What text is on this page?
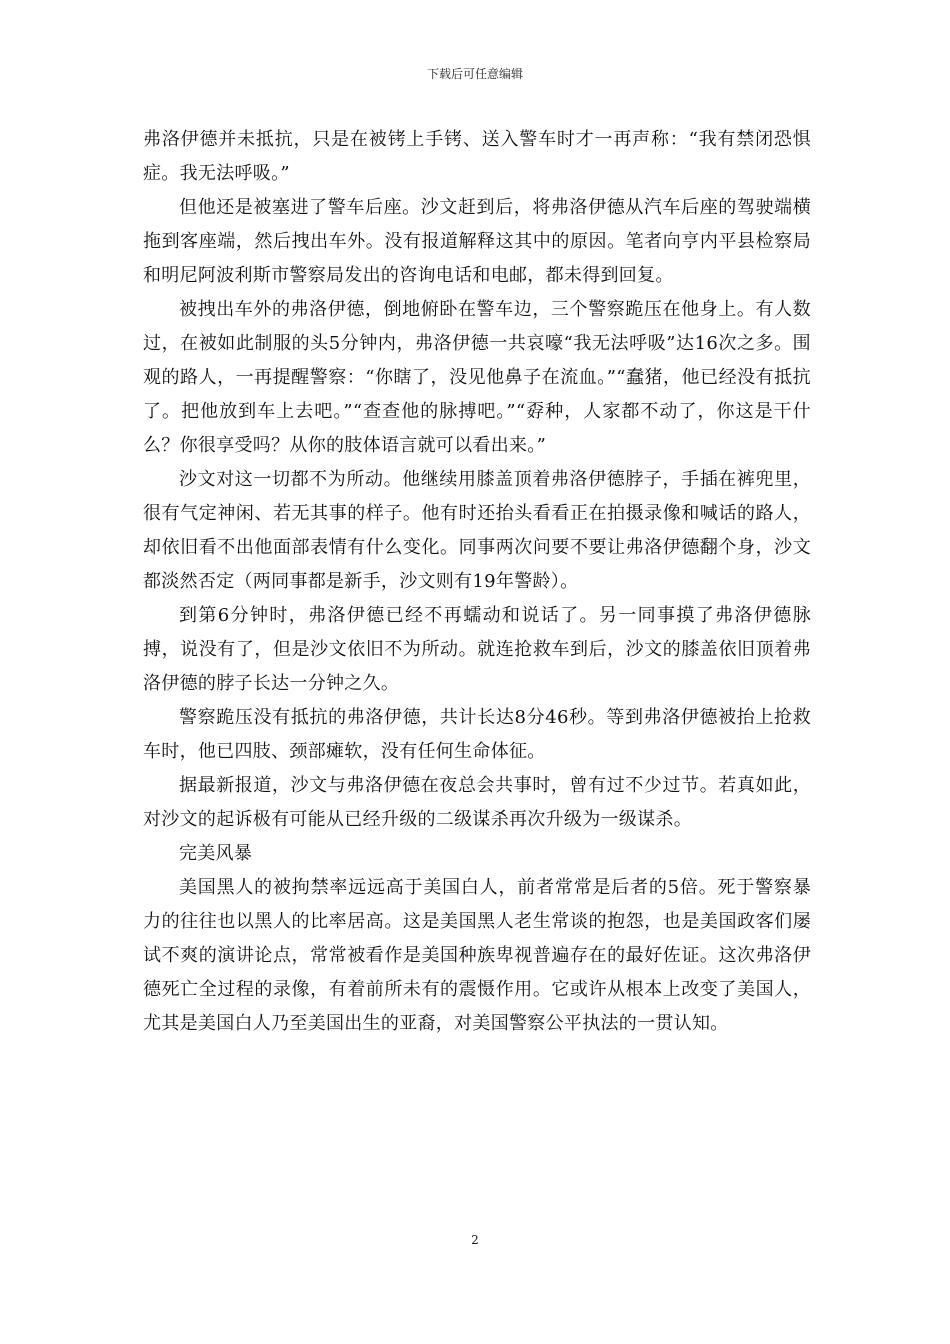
下载后可任意编辑

弗洛伊德并未抵抗，只是在被铐上手铐、送入警车时才一再声称：“我有禁闭恐惧症。我无法呼吸。”

但他还是被塞进了警车后座。沙文赶到后，将弗洛伊德从汽车后座的驾驶端横拖到客座端，然后拽出车外。没有报道解释这其中的原因。笔者向亨内平县检察局和明尼阿波利斯市警察局发出的咨询电话和电邮，都未得到回复。

被拽出车外的弗洛伊德，倒地俯卧在警车边，三个警察跪压在他身上。有人数过，在被如此制服的头5分钟内，弗洛伊德一共哀嚎“我无法呼吸”达16次之多。围观的路人，一再提醒警察：“你瞎了，没见他鼻子在流血。”“蠢猪，他已经没有抵抗了。把他放到车上去吧。”“查查他的脉搏吧。”“孬种，人家都不动了，你这是干什么？你很享受吗？从你的肢体语言就可以看出来。”

沙文对这一切都不为所动。他继续用膝盖顶着弗洛伊德脖子，手插在裤兜里，很有气定神闲、若无其事的样子。他有时还抬头看看正在拍摄录像和喊话的路人，却依旧看不出他面部表情有什么变化。同事两次问要不要让弗洛伊德翻个身，沙文都淡然否定（两同事都是新手，沙文则有19年警龄）。

到第6分钟时，弗洛伊德已经不再蠕动和说话了。另一同事摸了弗洛伊德脉搏，说没有了，但是沙文依旧不为所动。就连抢救车到后，沙文的膝盖依旧顶着弗洛伊德的脖子长达一分钟之久。

警察跪压没有抵抗的弗洛伊德，共计长达8分46秒。等到弗洛伊德被抬上抢救车时，他已四肢、颈部瘫软，没有任何生命体征。

据最新报道，沙文与弗洛伊德在夜总会共事时，曾有过不少过节。若真如此，对沙文的起诉极有可能从已经升级的二级谋杀再次升级为一级谋杀。

完美风暴

美国黑人的被拘禁率远远高于美国白人，前者常常是后者的5倍。死于警察暴力的往往也以黑人的比率居高。这是美国黑人老生常谈的抱怨，也是美国政客们屡试不爽的演讲论点，常常被看作是美国种族卑视普遍存在的最好佐证。这次弗洛伊德死亡全过程的录像，有着前所未有的震慑作用。它或许从根本上改变了美国人，尤其是美国白人乃至美国出生的亚裔，对美国警察公平执法的一贯认知。

2
